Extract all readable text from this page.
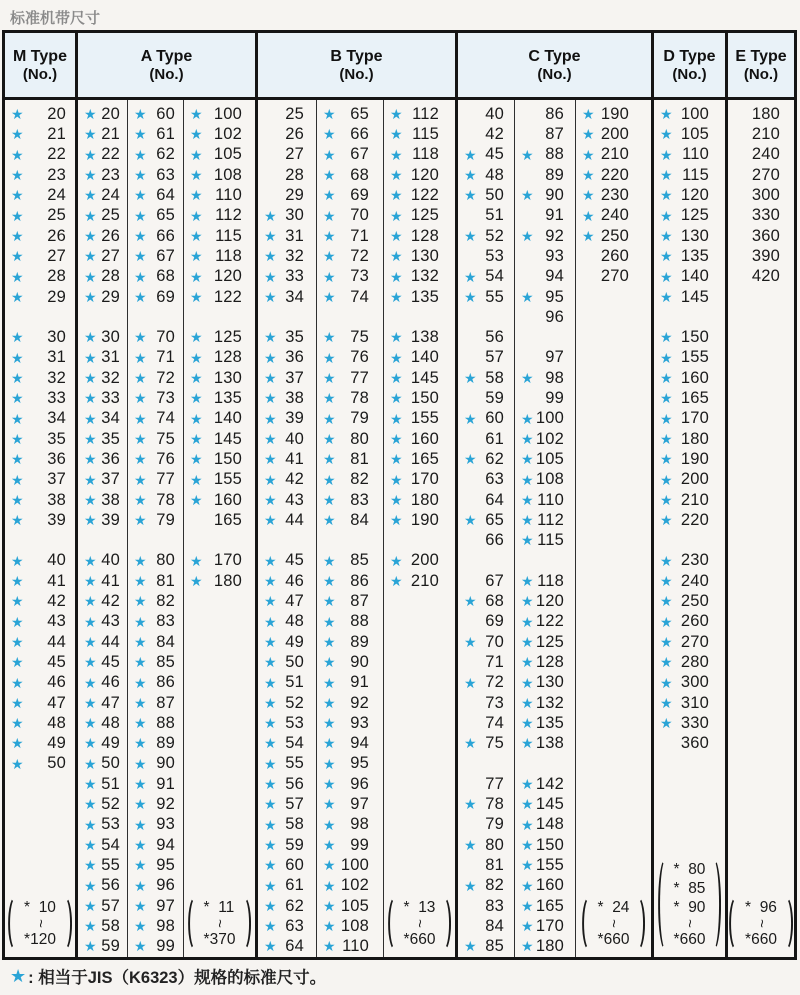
标准机带尺寸
M Type
(No.)
A Type
(No.)
B Type
(No.)
C Type
(No.)
D Type
(No.)
E Type
(No.)
★ 20
★ 21
★ 22
★ 23
★ 24
★ 25
★ 26
★ 27
★ 28
★ 29
★ 30
★ 31
★ 32
★ 33
★ 34
★ 35
★ 36
★ 37
★ 38
★ 39
★ 40
★ 41
★ 42
★ 43
★ 44
★ 45
★ 46
★ 47
★ 48
★ 49
★ 50
*  10
~
*120
★ 20
★ 21
★ 22
★ 23
★ 24
★ 25
★ 26
★ 27
★ 28
★ 29
★ 30
★ 31
★ 32
★ 33
★ 34
★ 35
★ 36
★ 37
★ 38
★ 39
★ 40
★ 41
★ 42
★ 43
★ 44
★ 45
★ 46
★ 47
★ 48
★ 49
★ 50
★ 51
★ 52
★ 53
★ 54
★ 55
★ 56
★ 57
★ 58
★ 59
★ 60
★ 61
★ 62
★ 63
★ 64
★ 65
★ 66
★ 67
★ 68
★ 69
★ 70
★ 71
★ 72
★ 73
★ 74
★ 75
★ 76
★ 77
★ 78
★ 79
★ 80
★ 81
★ 82
★ 83
★ 84
★ 85
★ 86
★ 87
★ 88
★ 89
★ 90
★ 91
★ 92
★ 93
★ 94
★ 95
★ 96
★ 97
★ 98
★ 99
★ 100
★ 102
★ 105
★ 108
★ 110
★ 112
★ 115
★ 118
★ 120
★ 122
★ 125
★ 128
★ 130
★ 135
★ 140
★ 145
★ 150
★ 155
★ 160
165
★ 170
★ 180
*  11
~
*370
25
26
27
28
29
★ 30
★ 31
★ 32
★ 33
★ 34
★ 35
★ 36
★ 37
★ 38
★ 39
★ 40
★ 41
★ 42
★ 43
★ 44
★ 45
★ 46
★ 47
★ 48
★ 49
★ 50
★ 51
★ 52
★ 53
★ 54
★ 55
★ 56
★ 57
★ 58
★ 59
★ 60
★ 61
★ 62
★ 63
★ 64
★ 65
★ 66
★ 67
★ 68
★ 69
★ 70
★ 71
★ 72
★ 73
★ 74
★ 75
★ 76
★ 77
★ 78
★ 79
★ 80
★ 81
★ 82
★ 83
★ 84
★ 85
★ 86
★ 87
★ 88
★ 89
★ 90
★ 91
★ 92
★ 93
★ 94
★ 95
★ 96
★ 97
★ 98
★ 99
★ 100
★ 102
★ 105
★ 108
★ 110
★ 112
★ 115
★ 118
★ 120
★ 122
★ 125
★ 128
★ 130
★ 132
★ 135
★ 138
★ 140
★ 145
★ 150
★ 155
★ 160
★ 165
★ 170
★ 180
★ 190
★ 200
★ 210
*  13
~
*660
40
42
★ 45
★ 48
★ 50
51
★ 52
53
★ 54
★ 55
56
57
★ 58
59
★ 60
61
★ 62
63
64
★ 65
66
67
★ 68
69
★ 70
71
★ 72
73
74
★ 75
77
★ 78
79
★ 80
81
★ 82
83
84
★ 85
86
87
★ 88
89
★ 90
91
★ 92
93
94
★ 95
96
97
★ 98
99
★ 100
★ 102
★ 105
★ 108
★ 110
★ 112
★ 115
★ 118
★ 120
★ 122
★ 125
★ 128
★ 130
★ 132
★ 135
★ 138
★ 142
★ 145
★ 148
★ 150
★ 155
★ 160
★ 165
★ 170
★ 180
★ 190
★ 200
★ 210
★ 220
★ 230
★ 240
★ 250
260
270
*  24
~
*660
★ 100
★ 105
★ 110
★ 115
★ 120
★ 125
★ 130
★ 135
★ 140
★ 145
★ 150
★ 155
★ 160
★ 165
★ 170
★ 180
★ 190
★ 200
★ 210
★ 220
★ 230
★ 240
★ 250
★ 260
★ 270
★ 280
★ 300
★ 310
★ 330
360
*  80
*  85
*  90
~
*660
180
210
240
270
300
330
360
390
420
*  96
~
*660
★ : 相当于JIS（K6323）规格的标准尺寸。
